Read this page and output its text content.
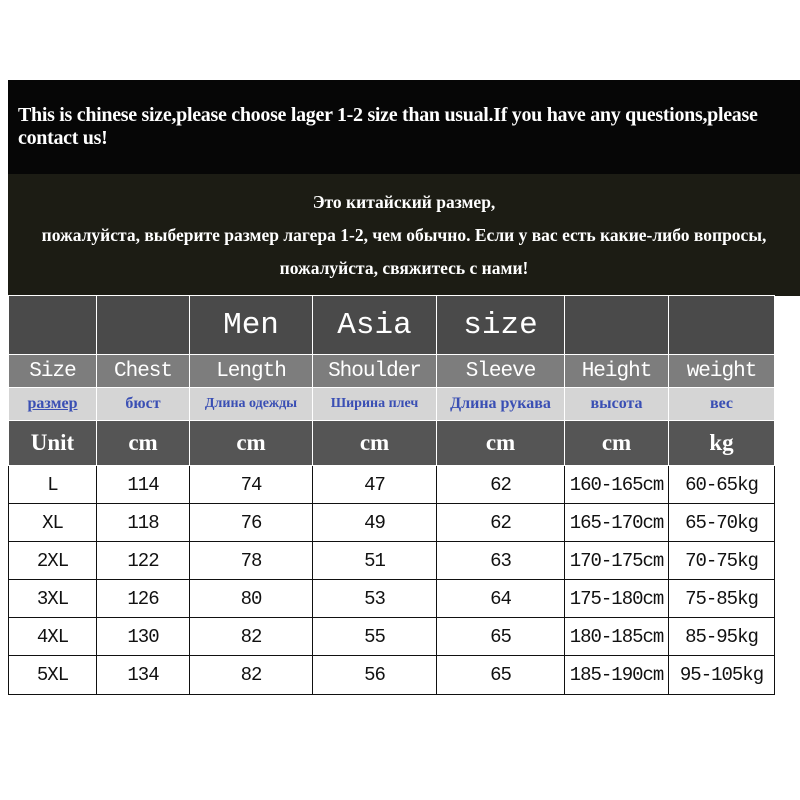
This is chinese size,please choose lager 1-2 size than usual.If you have any questions,please contact us!
Это китайский размер,
пожалуйста, выберите размер лагера 1-2, чем обычно. Если у вас есть какие-либо вопросы,
пожалуйста, свяжитесь с нами!
		Men	Asia	size		
Size	Chest	Length	Shoulder	Sleeve	Height	weight
размер	бюст	Длина одежды	Ширина плеч	Длина рукава	высота	вес
Unit	cm	cm	cm	cm	cm	kg
L	114	74	47	62	160-165cm	60-65kg
XL	118	76	49	62	165-170cm	65-70kg
2XL	122	78	51	63	170-175cm	70-75kg
3XL	126	80	53	64	175-180cm	75-85kg
4XL	130	82	55	65	180-185cm	85-95kg
5XL	134	82	56	65	185-190cm	95-105kg
